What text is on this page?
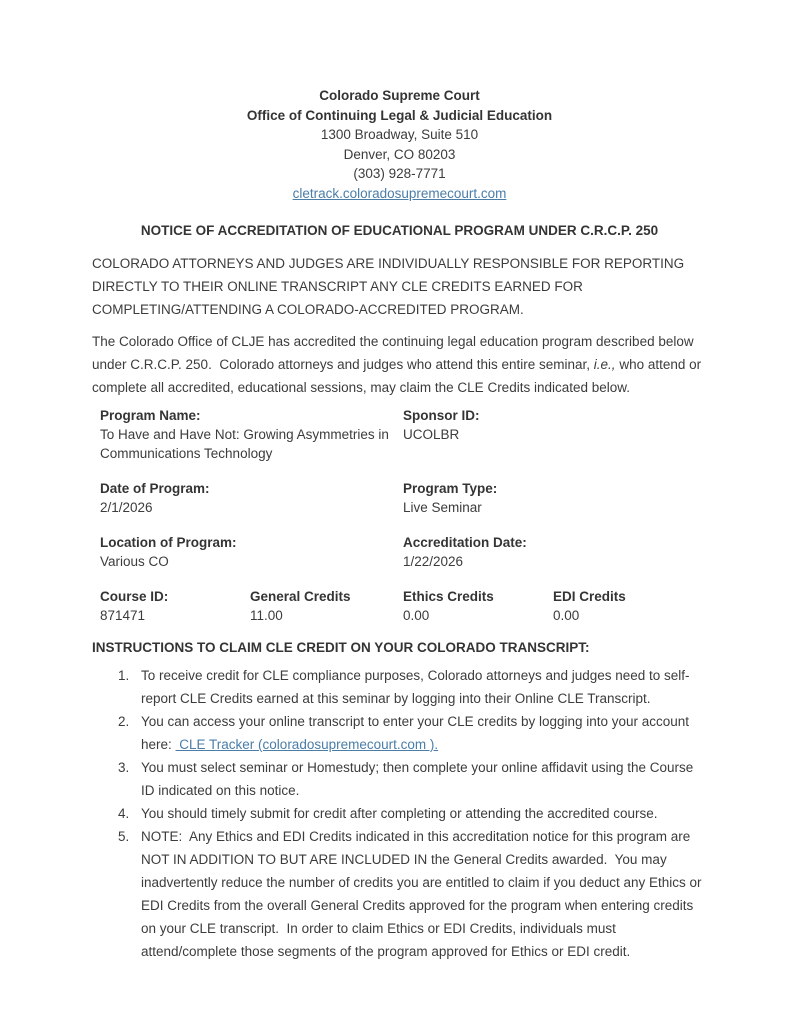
Colorado Supreme Court
Office of Continuing Legal & Judicial Education
1300 Broadway, Suite 510
Denver, CO 80203
(303) 928-7771
cletrack.coloradosupremecourt.com
NOTICE OF ACCREDITATION OF EDUCATIONAL PROGRAM UNDER C.R.C.P. 250

COLORADO ATTORNEYS AND JUDGES ARE INDIVIDUALLY RESPONSIBLE FOR REPORTING DIRECTLY TO THEIR ONLINE TRANSCRIPT ANY CLE CREDITS EARNED FOR COMPLETING/ATTENDING A COLORADO-ACCREDITED PROGRAM.

The Colorado Office of CLJE has accredited the continuing legal education program described below under C.R.C.P. 250.  Colorado attorneys and judges who attend this entire seminar, i.e., who attend or complete all accredited, educational sessions, may claim the CLE Credits indicated below.

Program Name:
To Have and Have Not: Growing Asymmetries in Communications Technology
Sponsor ID:
UCOLBR
Date of Program:
2/1/2026
Program Type:
Live Seminar
Location of Program:
Various CO
Accreditation Date:
1/22/2026
Course ID:
871471
General Credits
11.00
Ethics Credits
0.00
EDI Credits
0.00
INSTRUCTIONS TO CLAIM CLE CREDIT ON YOUR COLORADO TRANSCRIPT:
1. To receive credit for CLE compliance purposes, Colorado attorneys and judges need to self-report CLE Credits earned at this seminar by logging into their Online CLE Transcript.
2. You can access your online transcript to enter your CLE credits by logging into your account here:  CLE Tracker (coloradosupremecourt.com ).
3. You must select seminar or Homestudy; then complete your online affidavit using the Course ID indicated on this notice.
4. You should timely submit for credit after completing or attending the accredited course.
5. NOTE:  Any Ethics and EDI Credits indicated in this accreditation notice for this program are NOT IN ADDITION TO BUT ARE INCLUDED IN the General Credits awarded.  You may inadvertently reduce the number of credits you are entitled to claim if you deduct any Ethics or EDI Credits from the overall General Credits approved for the program when entering credits on your CLE transcript.  In order to claim Ethics or EDI Credits, individuals must attend/complete those segments of the program approved for Ethics or EDI credit.
